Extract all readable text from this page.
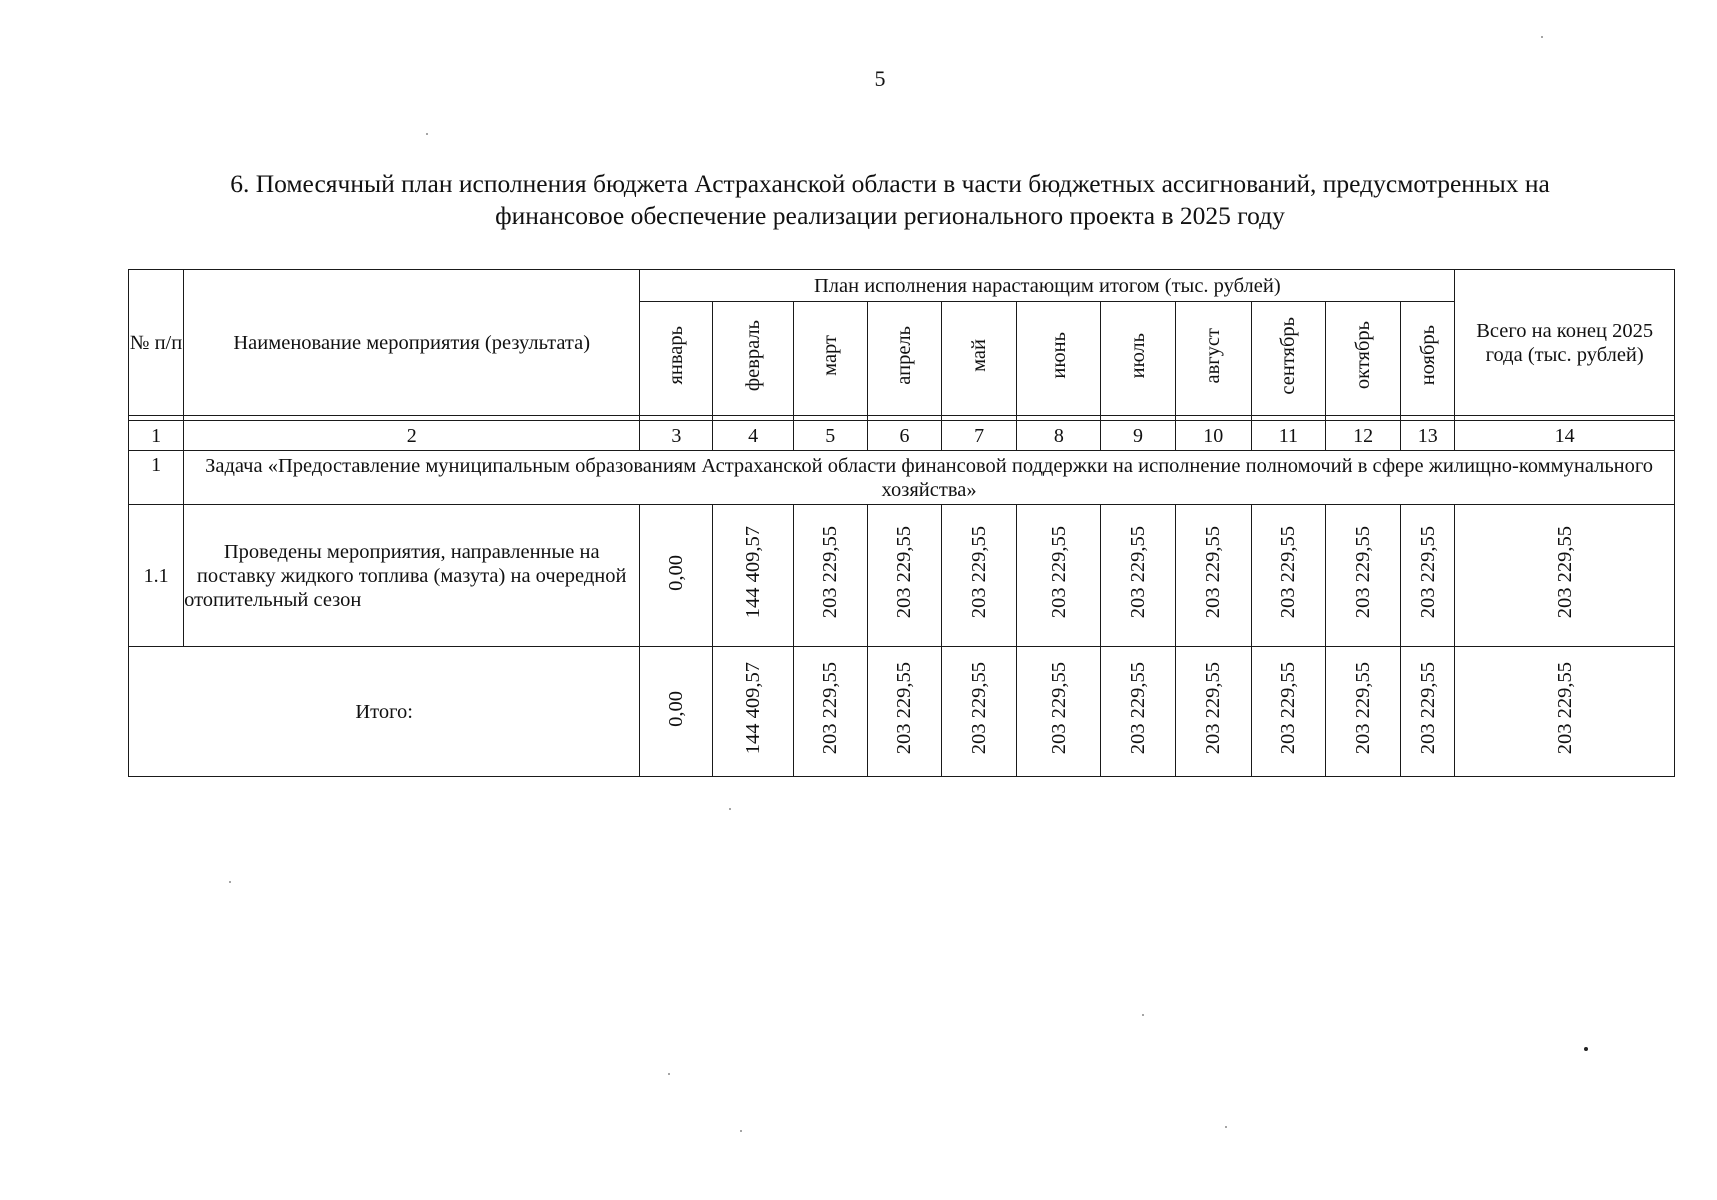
5
6. Помесячный план исполнения бюджета Астраханской области в части бюджетных ассигнований, предусмотренных на
финансовое обеспечение реализации регионального проекта в 2025 году
№ п/п	Наименование мероприятия (результата)	План исполнения нарастающим итогом (тыс. рублей)											Всего на конец 2025 года (тыс. рублей)
		январь	февраль	март	апрель	май	июнь	июль	август	сентябрь	октябрь	ноябрь	

1	2	3	4	5	6	7	8	9	10	11	12	13	14
1	Задача «Предоставление муниципальным образованиям Астраханской области финансовой поддержки на исполнение полномочий в сфере жилищно-коммунального хозяйства»												
1.1	Проведены мероприятия, направленные на поставку жидкого топлива (мазута) на очередной отопительный сезон	0,00	144 409,57	203 229,55	203 229,55	203 229,55	203 229,55	203 229,55	203 229,55	203 229,55	203 229,55	203 229,55	203 229,55
Итого:		0,00	144 409,57	203 229,55	203 229,55	203 229,55	203 229,55	203 229,55	203 229,55	203 229,55	203 229,55	203 229,55	203 229,55
